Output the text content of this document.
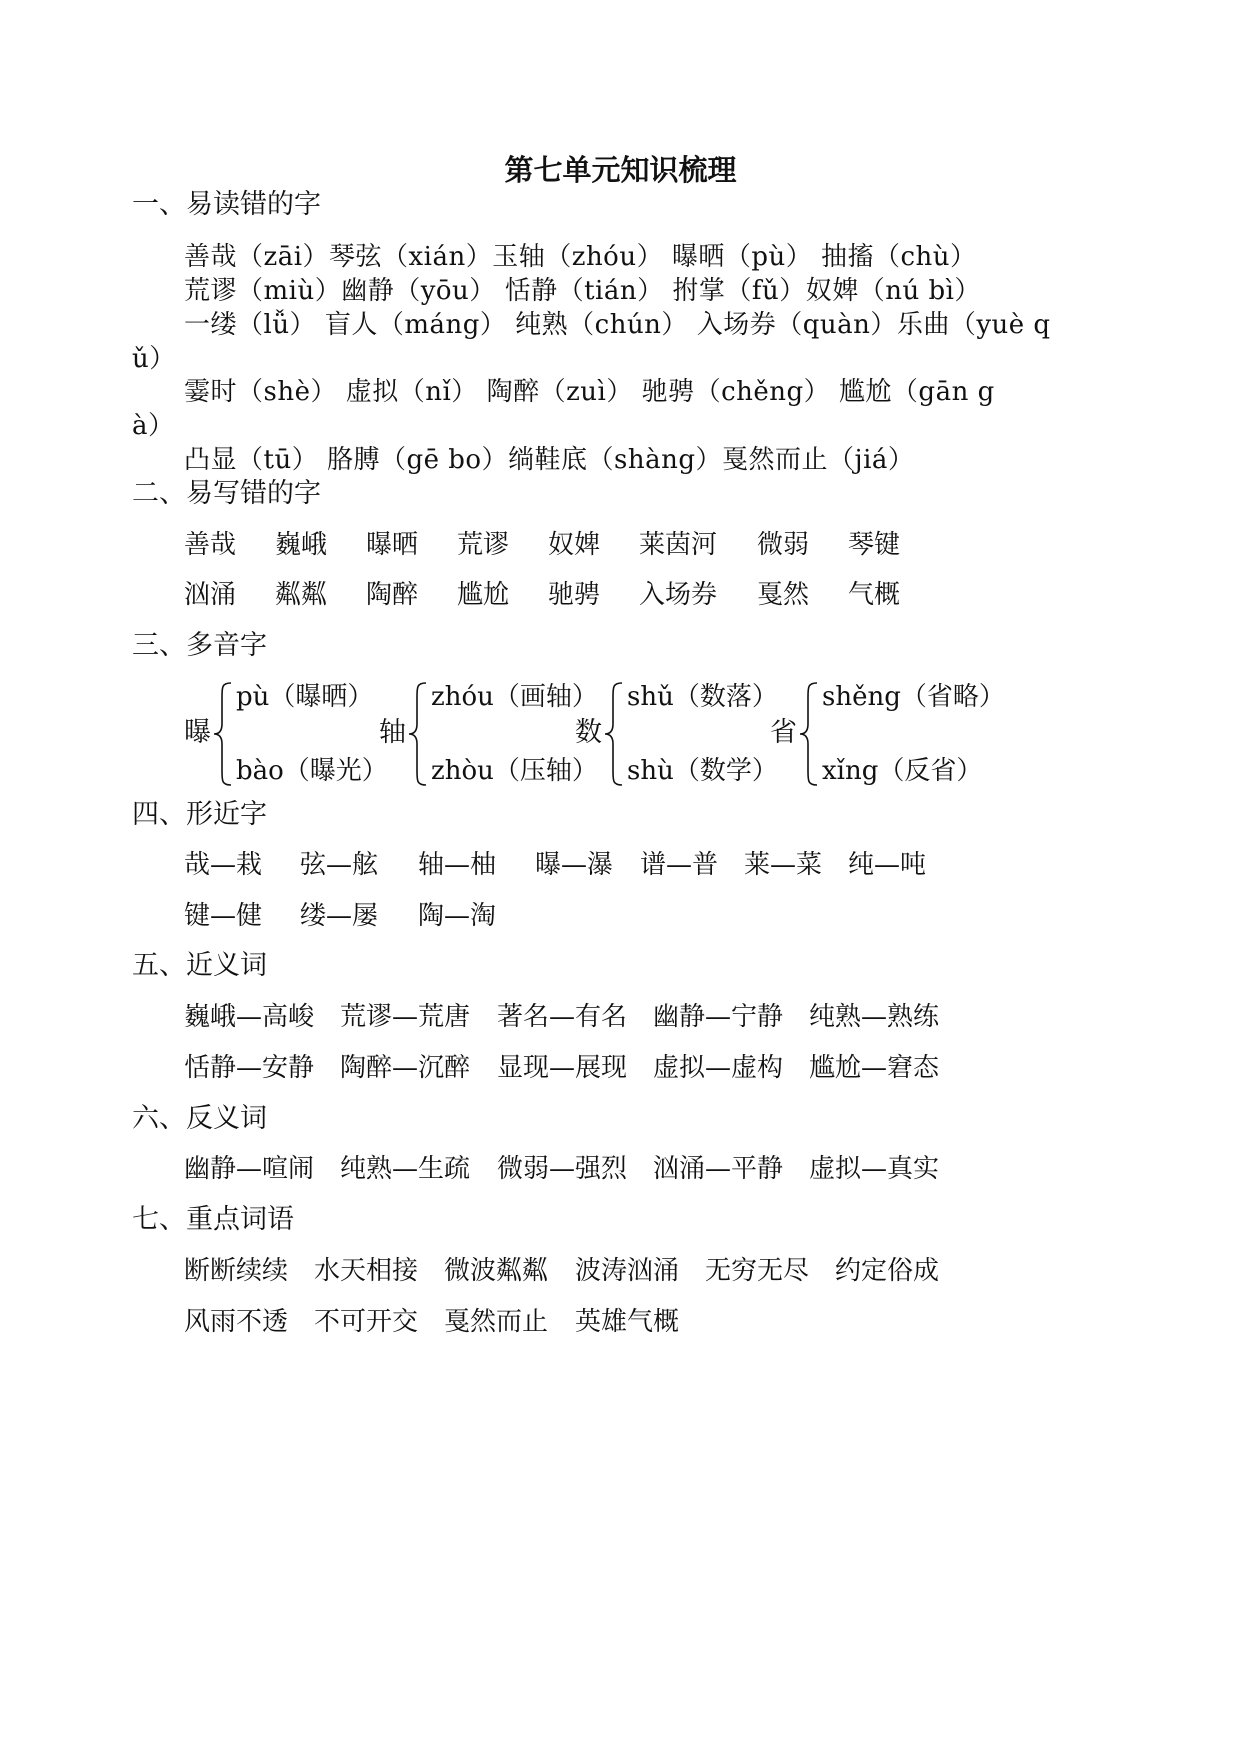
第七单元知识梳理
一、易读错的字
善哉（zāi）琴弦（xián）玉轴（zhóu） 曝晒（pù） 抽搐（chù）
荒谬（miù）幽静（yōu） 恬静（tián） 拊掌（fǔ）奴婢（nú bì）
一缕（lǚ） 盲人（máng） 纯熟（chún） 入场券（quàn）乐曲（yuè q
ǔ）
霎时（shè） 虚拟（nǐ） 陶醉（zuì） 驰骋（chěng） 尴尬（gān g
à）
凸显（tū） 胳膊（gē bo）绱鞋底（shàng）戛然而止（jiá）
二、易写错的字
善哉 巍峨 曝晒 荒谬 奴婢 莱茵河 微弱 琴键
汹涌 粼粼 陶醉 尴尬 驰骋 入场券 戛然 气概
三、多音字
曝
pù（曝晒）
bào（曝光）
轴
zhóu（画轴）
zhòu（压轴）
数
shǔ（数落）
shù（数学）
省
shěng（省略）
xǐng（反省）
四、形近字
哉—栽 弦—舷 轴—柚 曝—瀑 谱—普 莱—菜 纯—吨
键—健 缕—屡 陶—淘
五、近义词
巍峨—高峻 荒谬—荒唐 著名—有名 幽静—宁静 纯熟—熟练
恬静—安静 陶醉—沉醉 显现—展现 虚拟—虚构 尴尬—窘态
六、反义词
幽静—喧闹 纯熟—生疏 微弱—强烈 汹涌—平静 虚拟—真实
七、重点词语
断断续续 水天相接 微波粼粼 波涛汹涌 无穷无尽 约定俗成
风雨不透 不可开交 戛然而止 英雄气概
